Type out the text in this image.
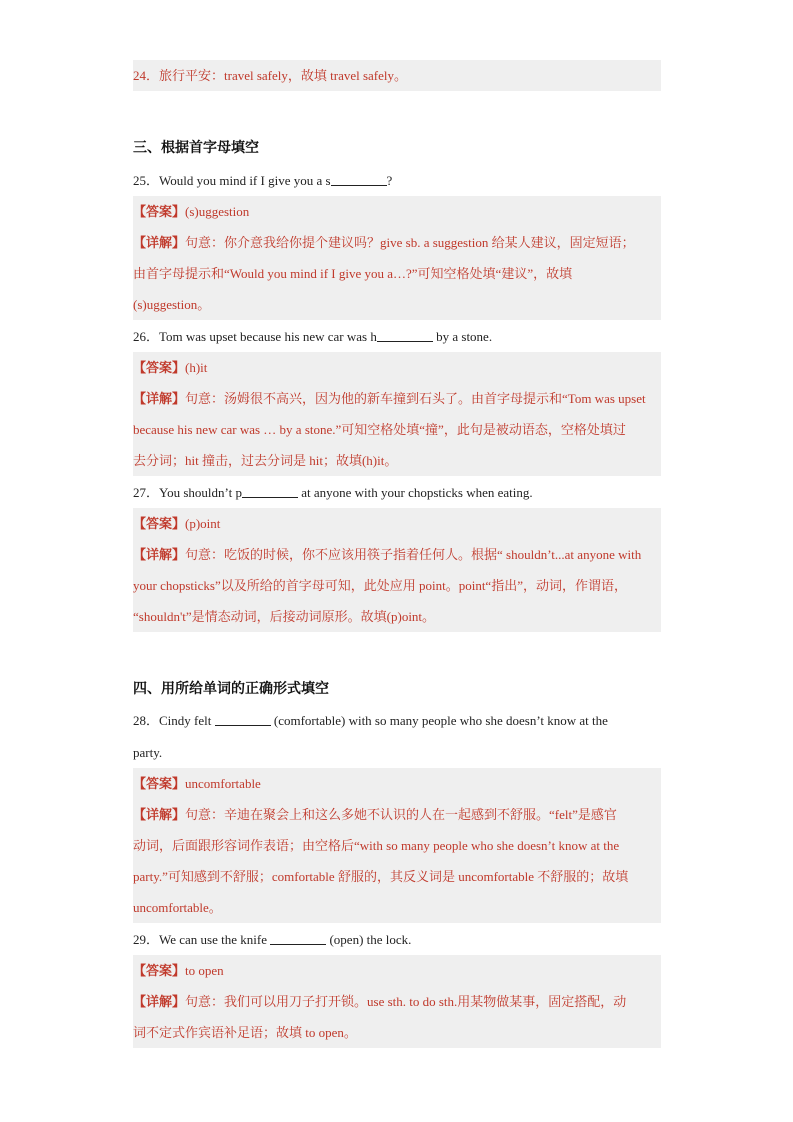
24．旅行平安：travel safely，故填 travel safely。
三、根据首字母填空
25．Would you mind if I give you a s	?
【答案】(s)uggestion
【详解】句意：你介意我给你提个建议吗？give sb. a suggestion 给某人建议，固定短语；
由首字母提示和“Would you mind if I give you a…?”可知空格处填“建议”，故填
(s)uggestion。
26．Tom was upset because his new car was h	by a stone.
【答案】(h)it
【详解】句意：汤姆很不高兴，因为他的新车撞到石头了。由首字母提示和“Tom was upset
because his new car was … by a stone.”可知空格处填“撞”，此句是被动语态，空格处填过
去分词；hit 撞击，过去分词是 hit；故填(h)it。
27．You shouldn’t p	at anyone with your chopsticks when eating.
【答案】(p)oint
【详解】句意：吃饭的时候，你不应该用筷子指着任何人。根据“ shouldn’t...at anyone with
your chopsticks”以及所给的首字母可知，此处应用 point。point“指出”，动词，作谓语，
“shouldn't”是情态动词，后接动词原形。故填(p)oint。
四、用所给单词的正确形式填空
28．Cindy felt	(comfortable) with so many people who she doesn’t know at the
party.
【答案】uncomfortable
【详解】句意：辛迪在聚会上和这么多她不认识的人在一起感到不舒服。“felt”是感官
动词，后面跟形容词作表语；由空格后“with so many people who she doesn’t know at the
party.”可知感到不舒服；comfortable 舒服的，其反义词是 uncomfortable 不舒服的；故填
uncomfortable。
29．We can use the knife	(open) the lock.
【答案】to open
【详解】句意：我们可以用刀子打开锁。use sth. to do sth.用某物做某事，固定搭配，动
词不定式作宾语补足语；故填 to open。
